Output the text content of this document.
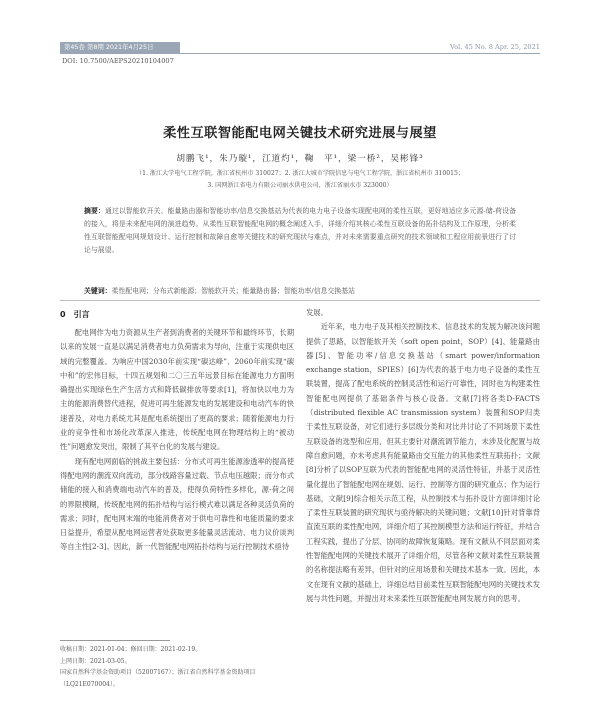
第45卷 第8期 2021年4月25日	Vol. 45 No. 8 Apr. 25, 2021
DOI: 10.7500/AEPS20210104007
柔性互联智能配电网关键技术研究进展与展望
胡鹏飞¹，朱乃璇¹，江道灼¹，鞠　平¹，梁一桥²，吴彬锋³
（1. 浙江大学电气工程学院，浙江省杭州市 310027；2. 浙江大城市学院信息与电气工程学院，浙江省杭州市 310015；
3. 国网浙江省电力有限公司丽水供电公司，浙江省丽水市 323000）
摘要：通过以智能软开关、能量路由器和智能功率/信息交换基站为代表的电力电子设备实现配电网的柔性互联，更好地适应多元源-储-荷设备的接入，将是未来配电网的演进趋势。从柔性互联智能配电网的概念阐述入手，详细介绍其核心柔性互联设备的拓扑结构及工作原理，分析柔性互联智能配电网规划设计、运行控制和故障自愈等关键技术的研究现状与难点，并对未来需要重点研究的技术领域和工程应用前景进行了讨论与展望。
关键词：柔性配电网；分布式新能源；智能软开关；能量路由器；智能功率/信息交换基站
0　引言

配电网作为电力资源从生产者到消费者的关键环节和最终环节，长期以来的发展一直是以满足消费者电力负荷需求为导向，注重于实现供电区域的完整覆盖。为响应中国2030年前实现“碳达峰”、2060年前实现“碳中和”的宏伟目标，十四五规划和二〇三五年远景目标在能源电力方面明确提出实现绿色生产生活方式和降低碳排放等要求[1]，将加快以电力为主的能源消费替代进程，促进可再生能源发电的发展建设和电动汽车的快速普及，对电力系统尤其是配电系统提出了更高的要求；随着能源电力行业的竞争性和市场化改革深入推进，传统配电网在物理结构上的“被动性”问题愈发突出，限制了其平台化的发展与建设。

现有配电网面临的挑战主要包括：分布式可再生能源渗透率的提高使得配电网的潮流双向流动，部分线路容量过载、节点电压越限；而分布式储能的接入和消费端电动汽车的普及，使得负荷特性多样化，源-荷之间的界限模糊，传统配电网的拓扑结构与运行模式难以满足各种灵活负荷的需求；同时，配电网末端的电能消费者对于供电可靠性和电能质量的要求日益提升，希望从配电网运营者处获取更多能量灵活流动、电力议价谈判等自主性[2-3]。因此，新一代智能配电网拓扑结构与运行控制技术亟待

发展。

近年来，电力电子及其相关控制技术、信息技术的发展为解决该问题提供了思路，以智能软开关（soft open point，SOP）[4]、能量路由器[5]、智能功率/信息交换基站（smart power/information exchange station，SPIES）[6]为代表的基于电力电子设备的柔性互联装置，提高了配电系统的控制灵活性和运行可靠性，同时也为构建柔性智能配电网提供了基础条件与核心设备。文献[7]将各类D-FACTS（distributed flexible AC transmission system）装置和SOP归类于柔性互联设备，对它们进行多层级分类和对比并讨论了不同场景下柔性互联设备的选型和应用，但其主要针对潮流调节能力，未涉及化配置与故障自愈问题，亦未考虑具有能量路由交互能力的其他柔性互联拓扑；文献[8]分析了以SOP互联为代表的智能配电网的灵活性特征，并基于灵活性量化提出了智能配电网在规划、运行、控制等方面的研究重点；作为运行基础，文献[9]综合相关示范工程，从控制技术与拓扑设计方面详细讨论了柔性互联装置的研究现状与亟待解决的关键问题；文献[10]针对背靠背直流互联的柔性配电网，详细介绍了其控制模型方法和运行特征，并结合工程实践，提出了分层、协同的故障恢复策略。现有文献从不同层面对柔性智能配电网的关键技术展开了详细介绍，尽管各种文献对柔性互联装置的名称提法略有差异，但针对的应用场景和关键技术基本一致。因此，本文在现有文献的基础上，详细总结目前柔性互联智能配电网的关键技术发展与共性问题，并提出对未来柔性互联智能配电网发展方向的思考。

收稿日期：2021-01-04；修回日期：2021-02-19。
上网日期：2021-03-05。
国家自然科学基金资助项目（52007167）；浙江省自然科学基金资助项目（LQ21E070004）。
